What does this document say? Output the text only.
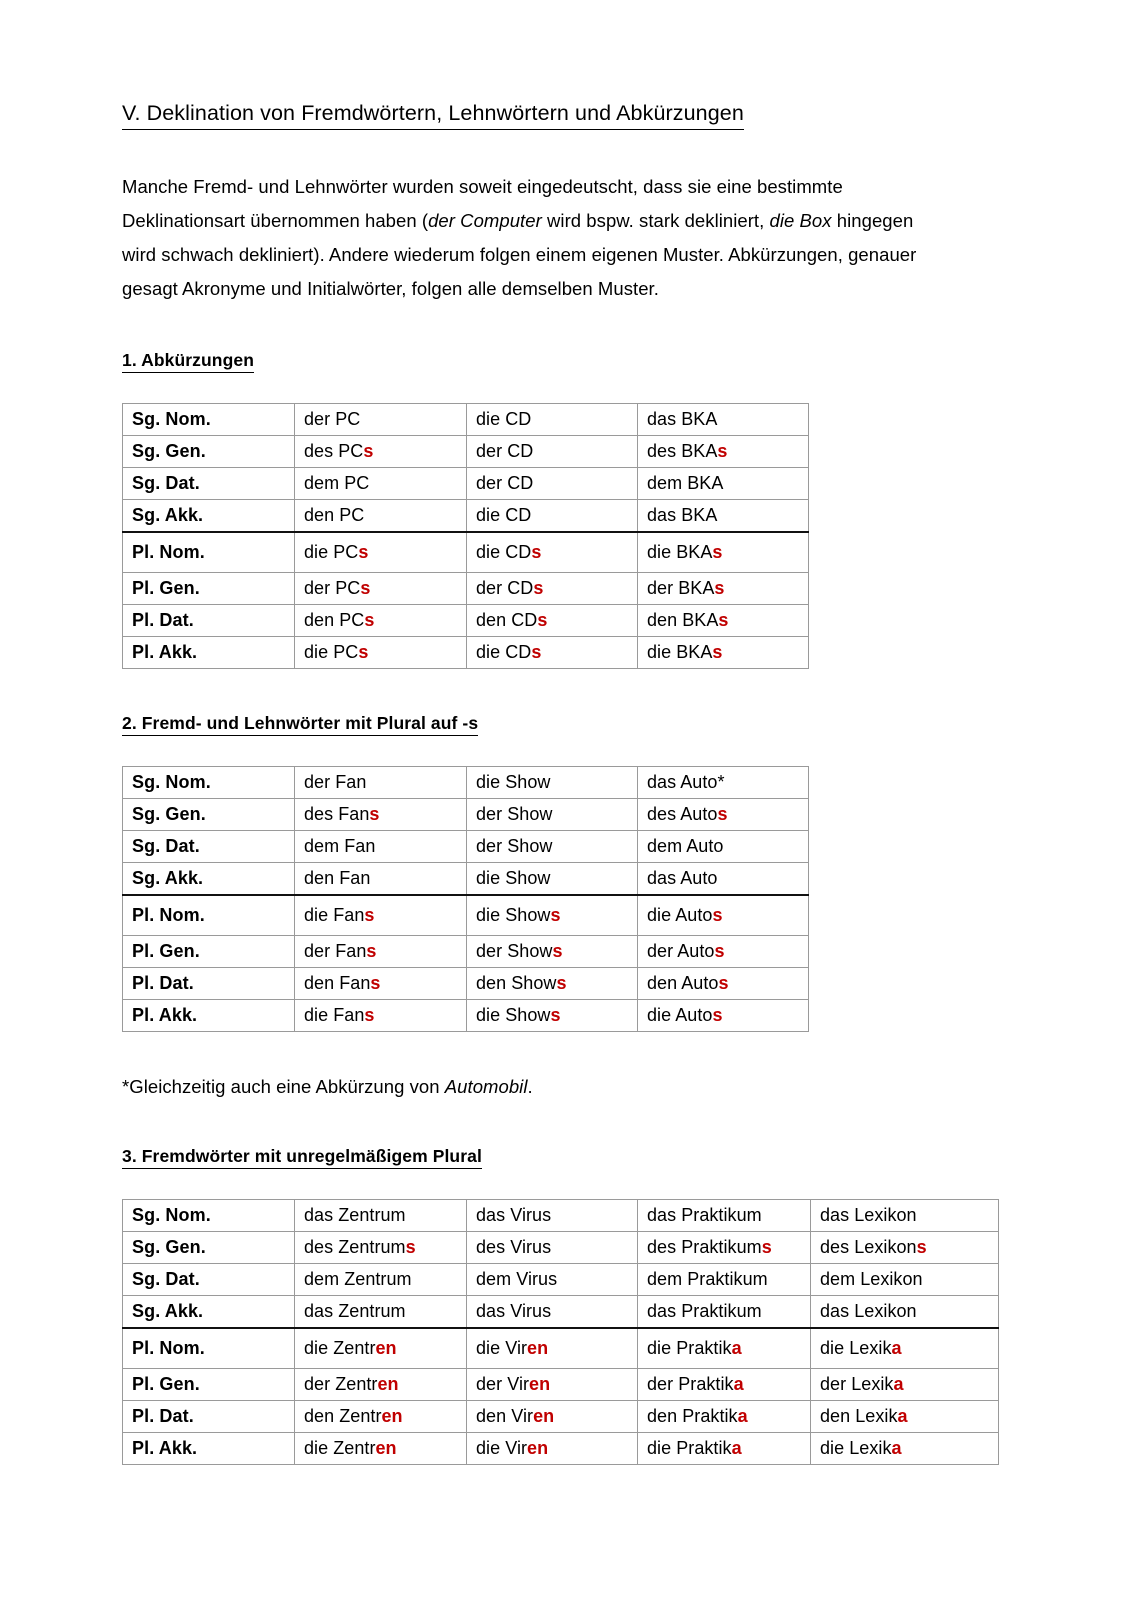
V. Deklination von Fremdwörtern, Lehnwörtern und Abkürzungen

Manche Fremd- und Lehnwörter wurden soweit eingedeutscht, dass sie eine bestimmte Deklinationsart übernommen haben (der Computer wird bspw. stark dekliniert, die Box hingegen wird schwach dekliniert). Andere wiederum folgen einem eigenen Muster. Abkürzungen, genauer gesagt Akronyme und Initialwörter, folgen alle demselben Muster.

1. Abkürzungen
Sg. Nom.	der PC	die CD	das BKA
Sg. Gen.	des PCs	der CD	des BKAs
Sg. Dat.	dem PC	der CD	dem BKA
Sg. Akk.	den PC	die CD	das BKA
Pl. Nom.	die PCs	die CDs	die BKAs
Pl. Gen.	der PCs	der CDs	der BKAs
Pl. Dat.	den PCs	den CDs	den BKAs
Pl. Akk.	die PCs	die CDs	die BKAs
2. Fremd- und Lehnwörter mit Plural auf -s
Sg. Nom.	der Fan	die Show	das Auto*
Sg. Gen.	des Fans	der Show	des Autos
Sg. Dat.	dem Fan	der Show	dem Auto
Sg. Akk.	den Fan	die Show	das Auto
Pl. Nom.	die Fans	die Shows	die Autos
Pl. Gen.	der Fans	der Shows	der Autos
Pl. Dat.	den Fans	den Shows	den Autos
Pl. Akk.	die Fans	die Shows	die Autos

*Gleichzeitig auch eine Abkürzung von Automobil.

3. Fremdwörter mit unregelmäßigem Plural
Sg. Nom.	das Zentrum	das Virus	das Praktikum	das Lexikon
Sg. Gen.	des Zentrums	des Virus	des Praktikums	des Lexikons
Sg. Dat.	dem Zentrum	dem Virus	dem Praktikum	dem Lexikon
Sg. Akk.	das Zentrum	das Virus	das Praktikum	das Lexikon
Pl. Nom.	die Zentren	die Viren	die Praktika	die Lexika
Pl. Gen.	der Zentren	der Viren	der Praktika	der Lexika
Pl. Dat.	den Zentren	den Viren	den Praktika	den Lexika
Pl. Akk.	die Zentren	die Viren	die Praktika	die Lexika
